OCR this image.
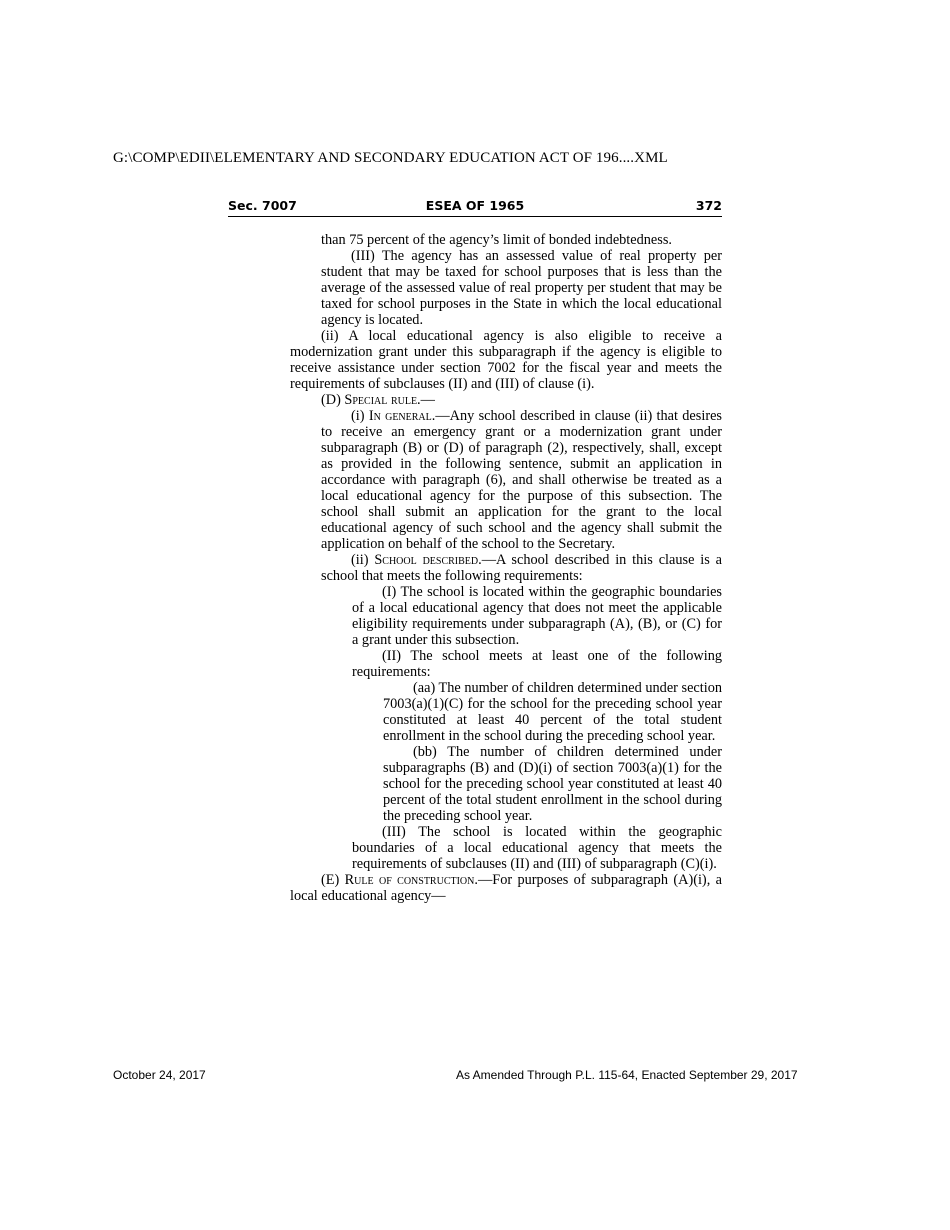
G:\COMP\EDII\ELEMENTARY AND SECONDARY EDUCATION ACT OF 196....XML
Sec. 7007	ESEA OF 1965	372

than 75 percent of the agency’s limit of bonded indebtedness.

(III) The agency has an assessed value of real property per student that may be taxed for school purposes that is less than the average of the assessed value of real property per student that may be taxed for school purposes in the State in which the local educational agency is located.

(ii) A local educational agency is also eligible to receive a modernization grant under this subparagraph if the agency is eligible to receive assistance under section 7002 for the fiscal year and meets the requirements of subclauses (II) and (III) of clause (i).

(D) Special rule.—

(i) In general.—Any school described in clause (ii) that desires to receive an emergency grant or a modernization grant under subparagraph (B) or (D) of paragraph (2), respectively, shall, except as provided in the following sentence, submit an application in accordance with paragraph (6), and shall otherwise be treated as a local educational agency for the purpose of this subsection. The school shall submit an application for the grant to the local educational agency of such school and the agency shall submit the application on behalf of the school to the Secretary.

(ii) School described.—A school described in this clause is a school that meets the following requirements:

(I) The school is located within the geographic boundaries of a local educational agency that does not meet the applicable eligibility requirements under subparagraph (A), (B), or (C) for a grant under this subsection.

(II) The school meets at least one of the following requirements:

(aa) The number of children determined under section 7003(a)(1)(C) for the school for the preceding school year constituted at least 40 percent of the total student enrollment in the school during the preceding school year.

(bb) The number of children determined under subparagraphs (B) and (D)(i) of section 7003(a)(1) for the school for the preceding school year constituted at least 40 percent of the total student enrollment in the school during the preceding school year.

(III) The school is located within the geographic boundaries of a local educational agency that meets the requirements of subclauses (II) and (III) of subparagraph (C)(i).

(E) Rule of construction.—For purposes of subparagraph (A)(i), a local educational agency—

October 24, 2017	As Amended Through P.L. 115-64, Enacted September 29, 2017
